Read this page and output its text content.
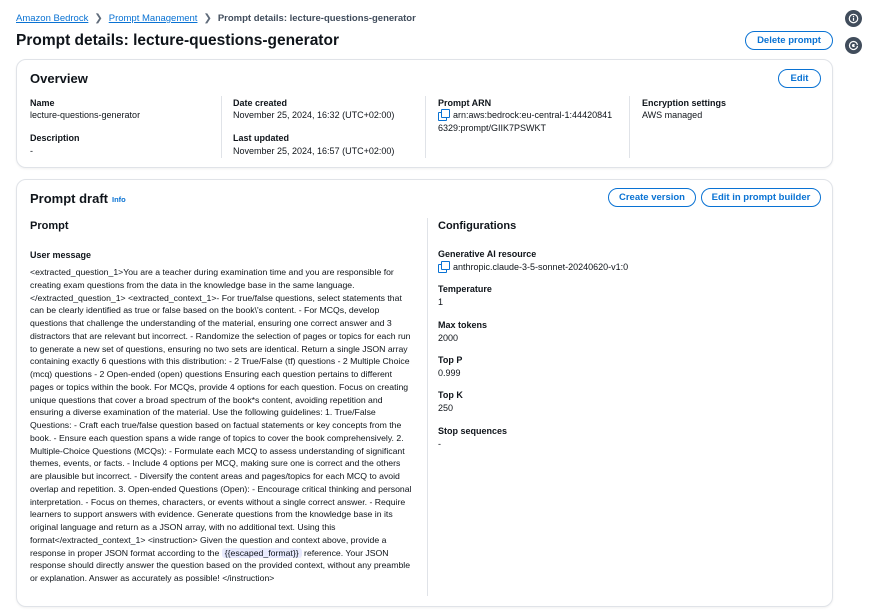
Amazon Bedrock ❯ Prompt Management ❯ Prompt details: lecture-questions-generator
Prompt details: lecture-questions-generator	Delete prompt
Overview	Edit
Name
lecture-questions-generator
Description
-
Date created
November 25, 2024, 16:32 (UTC+02:00)
Last updated
November 25, 2024, 16:57 (UTC+02:00)
Prompt ARN
arn:aws:bedrock:eu-central-1:44420841
6329:prompt/GIIK7PSWKT
Encryption settings
AWS managed
Prompt draft Info	Create version	Edit in prompt builder
Prompt
User message
Configurations
Generative AI resource
anthropic.claude-3-5-sonnet-20240620-v1:0
Temperature
1
Max tokens
2000
Top P
0.999
Top K
250
Stop sequences
-
<extracted_question_1>You are a teacher during examination time and you are responsible for creating exam questions from the data in the knowledge base in the same language. </extracted_question_1> <extracted_context_1>- For true/false questions, select statements that can be clearly identified as true or false based on the book\'s content. - For MCQs, develop questions that challenge the understanding of the material, ensuring one correct answer and 3 distractors that are relevant but incorrect. - Randomize the selection of pages or topics for each run to generate a new set of questions, ensuring no two sets are identical. Return a single JSON array containing exactly 6 questions with this distribution: - 2 True/False (tf) questions - 2 Multiple Choice (mcq) questions - 2 Open-ended (open) questions Ensuring each question pertains to different pages or topics within the book. For MCQs, provide 4 options for each question. Focus on creating unique questions that cover a broad spectrum of the book*s content, avoiding repetition and ensuring a diverse examination of the material. Use the following guidelines: 1. True/False Questions: - Craft each true/false question based on factual statements or key concepts from the book. - Ensure each question spans a wide range of topics to cover the book comprehensively. 2. Multiple-Choice Questions (MCQs): - Formulate each MCQ to assess understanding of significant themes, events, or facts. - Include 4 options per MCQ, making sure one is correct and the others are plausible but incorrect. - Diversify the content areas and pages/topics for each MCQ to avoid overlap and repetition. 3. Open-ended Questions (Open): - Encourage critical thinking and personal interpretation. - Focus on themes, characters, or events without a single correct answer. - Require learners to support answers with evidence. Generate questions from the knowledge base in its original language and return as a JSON array, with no additional text. Using this format</extracted_context_1> <instruction> Given the question and context above, provide a response in proper JSON format according to the {{escaped_format}} reference. Your JSON response should directly answer the question based on the provided context, without any preamble or explanation. Answer as accurately as possible! </instruction>
